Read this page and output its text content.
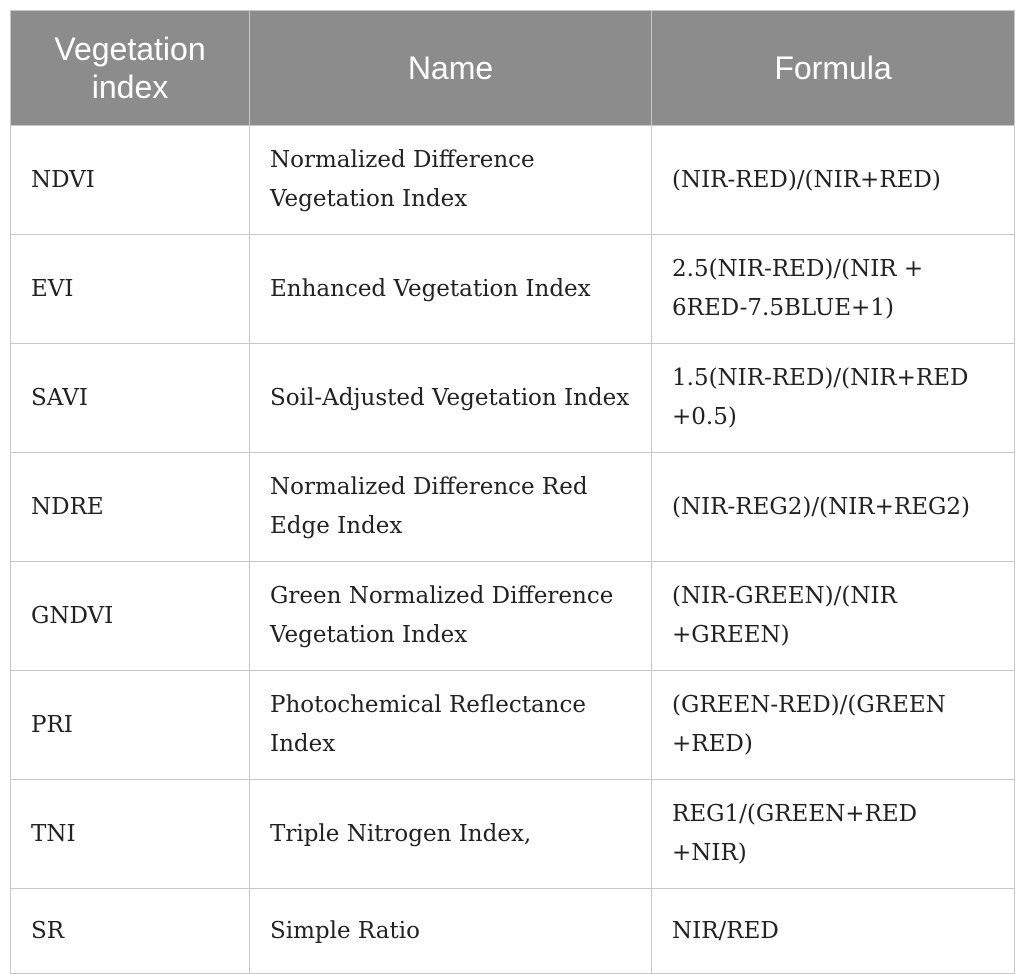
Vegetation index	Name	Formula
NDVI	Normalized Difference Vegetation Index	(NIR-RED)/(NIR+RED)
EVI	Enhanced Vegetation Index	2.5(NIR-RED)/(NIR + 6RED-7.5BLUE+1)
SAVI	Soil-Adjusted Vegetation Index	1.5(NIR-RED)/(NIR+RED +0.5)
NDRE	Normalized Difference Red Edge Index	(NIR-REG2)/(NIR+REG2)
GNDVI	Green Normalized Difference Vegetation Index	(NIR-GREEN)/(NIR +GREEN)
PRI	Photochemical Reflectance Index	(GREEN-RED)/(GREEN +RED)
TNI	Triple Nitrogen Index,	REG1/(GREEN+RED +NIR)
SR	Simple Ratio	NIR/RED
